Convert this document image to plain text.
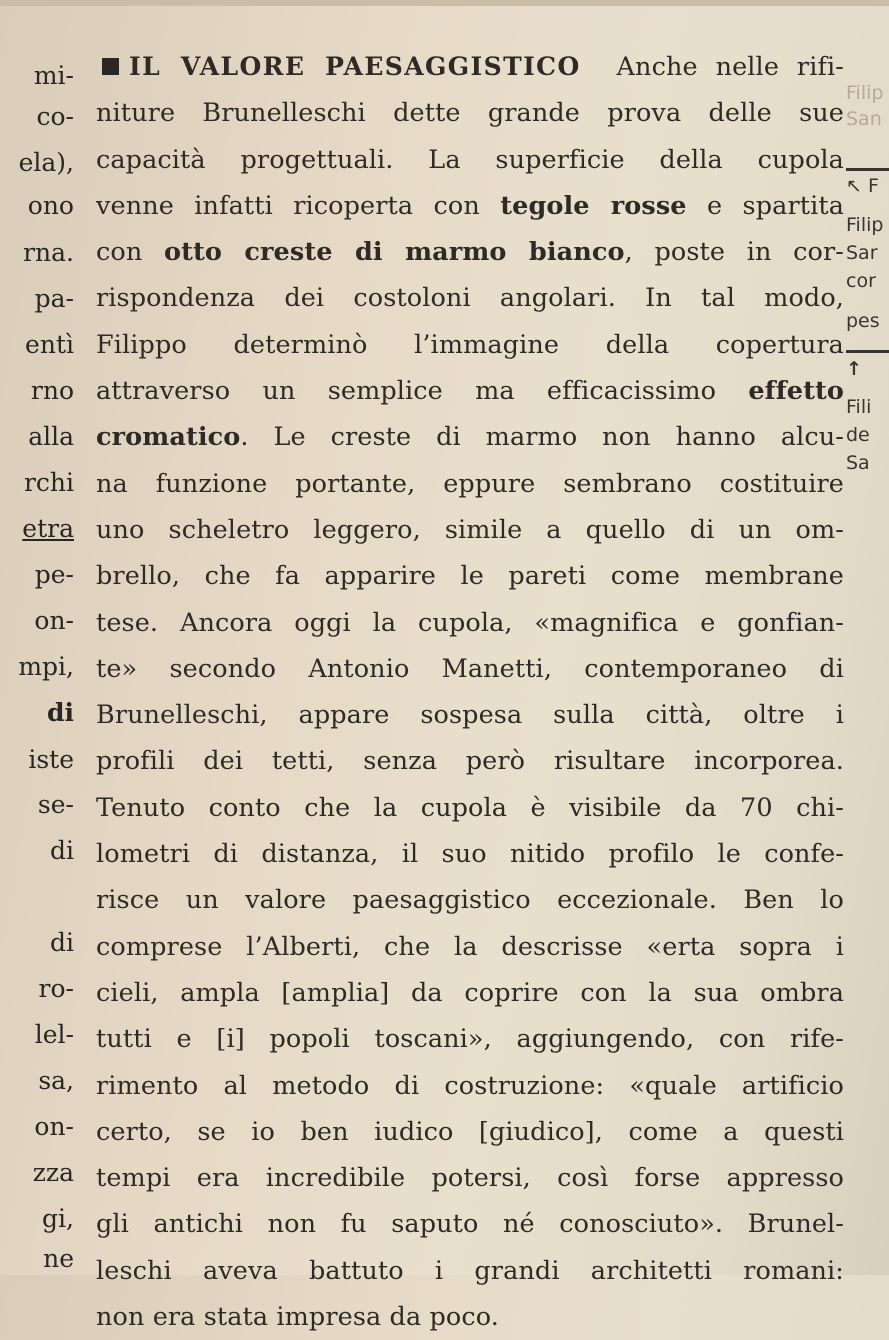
mi-
co-
ela),
ono
rna.
pa-
entì
rno
alla
rchi
etra
pe-
on-
mpi,
di
iste
se-
di
di
ro-
lel-
sa,
on-
zza
gi,
ne
IL VALORE PAESAGGISTICO Anche nelle rifi-
niture Brunelleschi dette grande prova delle sue
capacità progettuali. La superficie della cupola
venne infatti ricoperta con tegole rosse e spartita
con otto creste di marmo bianco, poste in cor-
rispondenza dei costoloni angolari. In tal modo,
Filippo determinò l’immagine della copertura
attraverso un semplice ma efficacissimo effetto
cromatico. Le creste di marmo non hanno alcu-
na funzione portante, eppure sembrano costituire
uno scheletro leggero, simile a quello di un om-
brello, che fa apparire le pareti come membrane
tese. Ancora oggi la cupola, «magnifica e gonfian-
te» secondo Antonio Manetti, contemporaneo di
Brunelleschi, appare sospesa sulla città, oltre i
profili dei tetti, senza però risultare incorporea.
Tenuto conto che la cupola è visibile da 70 chi-
lometri di distanza, il suo nitido profilo le confe-
risce un valore paesaggistico eccezionale. Ben lo
comprese l’Alberti, che la descrisse «erta sopra i
cieli, ampla [amplia] da coprire con la sua ombra
tutti e [i] popoli toscani», aggiungendo, con rife-
rimento al metodo di costruzione: «quale artificio
certo, se io ben iudico [giudico], come a questi
tempi era incredibile potersi, così forse appresso
gli antichi non fu saputo né conosciuto». Brunel-
leschi aveva battuto i grandi architetti romani:
non era stata impresa da poco.
Filip
San
↖ F
Filip
Sar
cor
pes
↑
Fili
de
Sa
